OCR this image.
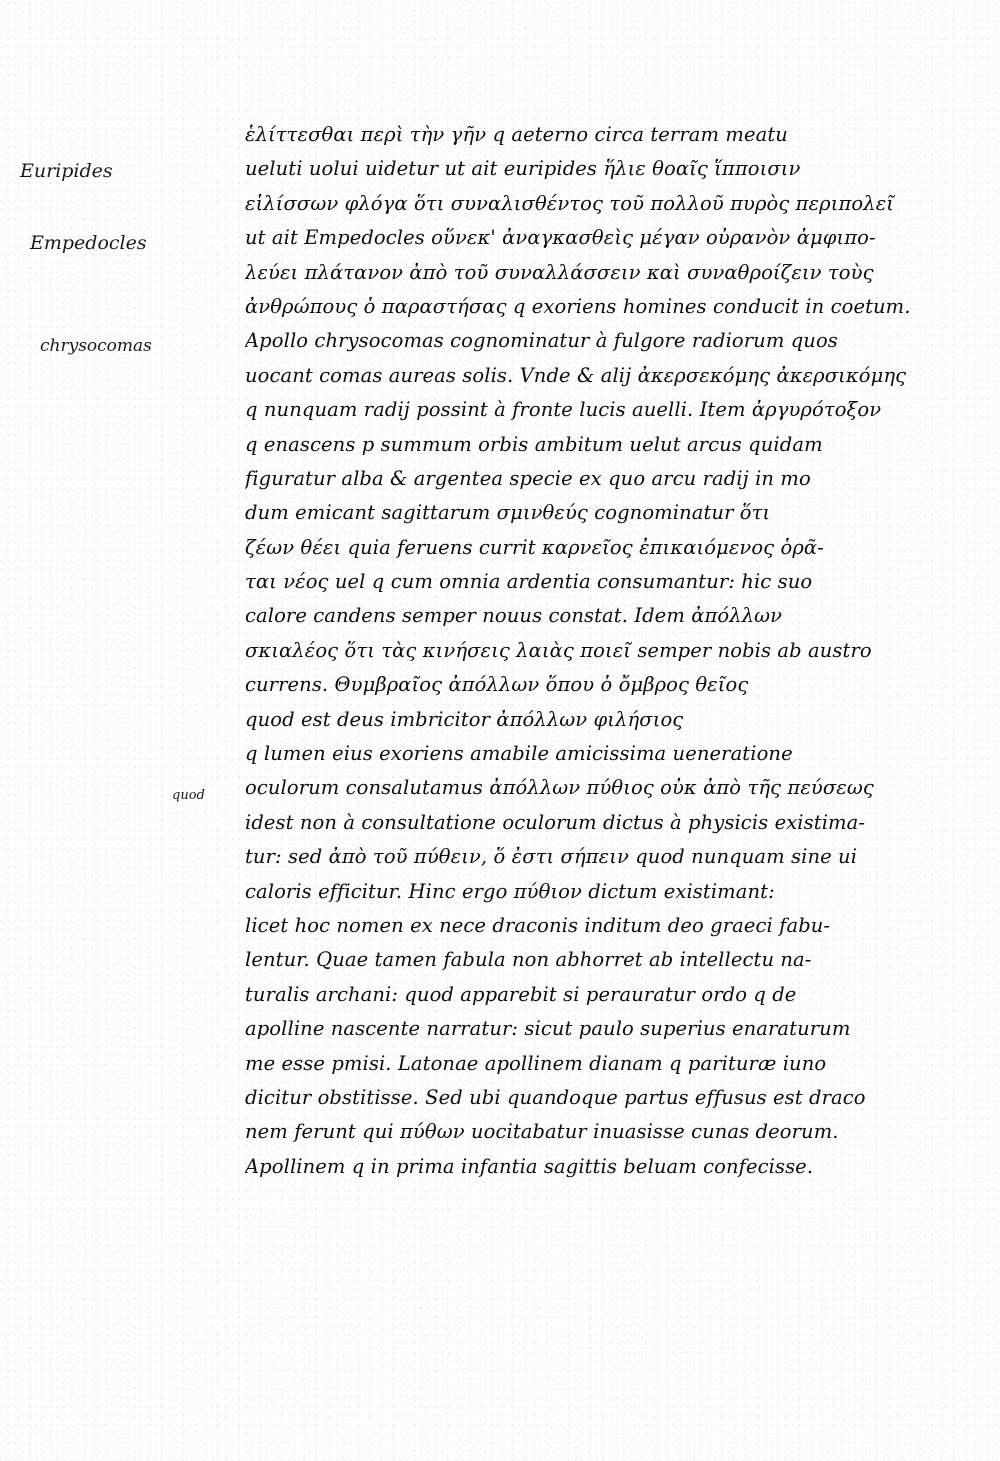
Euripides
Empedocles
chrysocomas
quod
ἑλίττεσθαι περὶ τὴν γῆν q aeterno circa terram meatu
ueluti uolui uidetur ut ait euripides ἥλιε θοαῖς ἵπποισιν
εἱλίσσων φλόγα ὅτι συναλισθέντος τοῦ πολλοῦ πυρὸς περιπολεῖ
ut ait Empedocles οὕνεκ' ἀναγκασθεὶς μέγαν οὐρανὸν ἀμφιπο-
λεύει πλάτανον ἀπὸ τοῦ συναλλάσσειν καὶ συναθροίζειν τοὺς
ἀνθρώπους ὁ παραστήσας q exoriens homines conducit in coetum.
Apollo chrysocomas cognominatur à fulgore radiorum quos
uocant comas aureas solis. Vnde & alij ἀκερσεκόμης ἀκερσικόμης
q nunquam radij possint à fronte lucis auelli. Item ἀργυρότοξον
q enascens p summum orbis ambitum uelut arcus quidam
figuratur alba & argentea specie ex quo arcu radij in mo
dum emicant sagittarum σμινθεύς cognominatur ὅτι
ζέων θέει quia feruens currit καρνεῖος ἐπικαιόμενος ὁρᾶ-
ται νέος uel q cum omnia ardentia consumantur: hic suo
calore candens semper nouus constat. Idem ἀπόλλων
σκιαλέος ὅτι τὰς κινήσεις λαιὰς ποιεῖ semper nobis ab austro
currens. Θυμβραῖος ἀπόλλων ὅπου ὁ ὄμβρος θεῖος
quod est deus imbricitor ἀπόλλων φιλήσιος
q lumen eius exoriens amabile amicissima ueneratione
oculorum consalutamus ἀπόλλων πύθιος οὐκ ἀπὸ τῆς πεύσεως
idest non à consultatione oculorum dictus à physicis existima-
tur: sed ἀπὸ τοῦ πύθειν, ὅ ἐστι σήπειν quod nunquam sine ui
caloris efficitur. Hinc ergo πύθιον dictum existimant:
licet hoc nomen ex nece draconis inditum deo graeci fabu-
lentur. Quae tamen fabula non abhorret ab intellectu na-
turalis archani: quod apparebit si perauratur ordo q de
apolline nascente narratur: sicut paulo superius enaraturum
me esse pmisi. Latonae apollinem dianam q parituræ iuno
dicitur obstitisse. Sed ubi quandoque partus effusus est draco
nem ferunt qui πύθων uocitabatur inuasisse cunas deorum.
Apollinem q in prima infantia sagittis beluam confecisse.
